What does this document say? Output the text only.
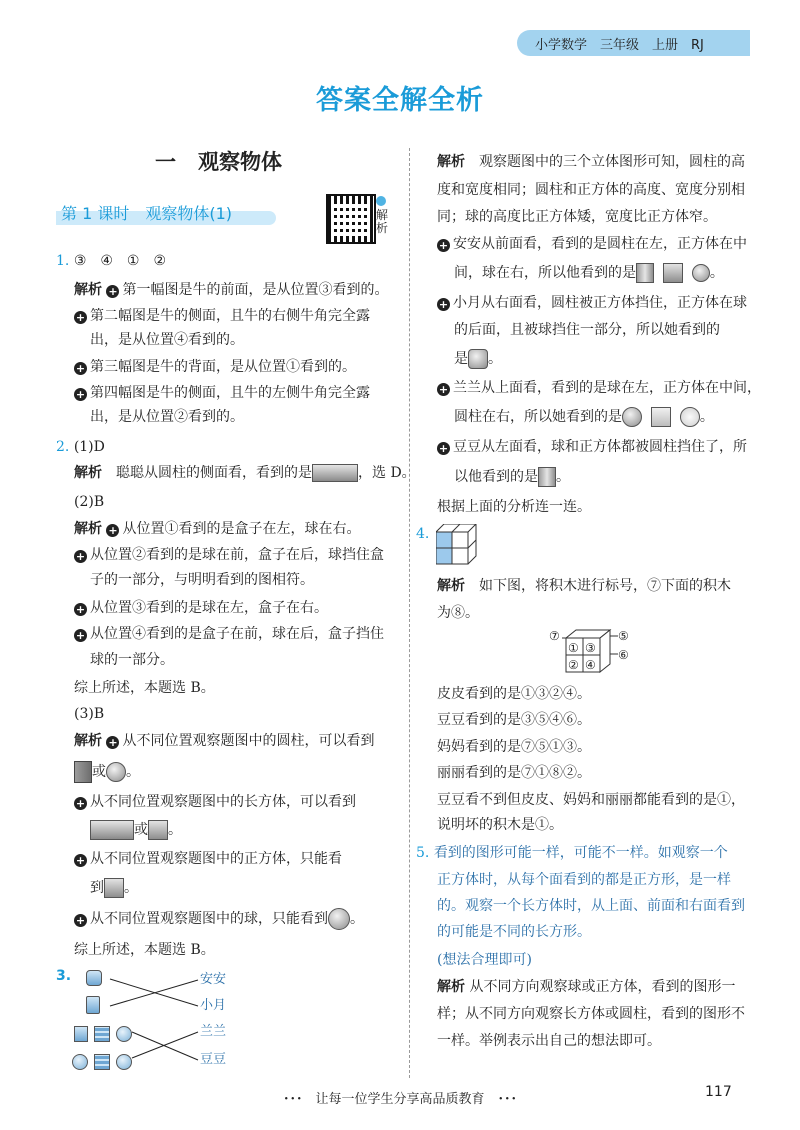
小学数学　三年级　上册　RJ
答案全解全析
一 观察物体
第 1 课时　观察物体(1)	解析
1. ③　④　①　②
解析 + 第一幅图是牛的前面，是从位置③看到的。
+ 第二幅图是牛的侧面，且牛的右侧牛角完全露
出，是从位置④看到的。
+ 第三幅图是牛的背面，是从位置①看到的。
+ 第四幅图是牛的侧面，且牛的左侧牛角完全露
出，是从位置②看到的。
2. (1)D
解析　 聪聪从圆柱的侧面看，看到的是	，选 D。
(2)B
解析 + 从位置①看到的是盒子在左，球在右。
+ 从位置②看到的是球在前，盒子在后，球挡住盒
子的一部分，与明明看到的图相符。
+ 从位置③看到的是球在左，盒子在右。
+ 从位置④看到的是盒子在前，球在后，盒子挡住
球的一部分。
综上所述，本题选 B。
(3)B
解析 + 从不同位置观察题图中的圆柱，可以看到
或 。
+ 从不同位置观察题图中的长方体，可以看到
或 。
+ 从不同位置观察题图中的正方体，只能看
到 。
+ 从不同位置观察题图中的球，只能看到 。
综上所述，本题选 B。
3.	安安
小月
兰兰
豆豆
解析　 观察题图中的三个立体图形可知，圆柱的高
度和宽度相同；圆柱和正方体的高度、宽度分别相
同；球的高度比正方体矮，宽度比正方体窄。
+ 安安从前面看，看到的是圆柱在左，正方体在中
间，球在右，所以他看到的是	。
+ 小月从右面看，圆柱被正方体挡住，正方体在球
的后面，且被球挡住一部分，所以她看到的
是 。
+ 兰兰从上面看，看到的是球在左，正方体在中间，
圆柱在右，所以她看到的是	。
+ 豆豆从左面看，球和正方体都被圆柱挡住了，所
以他看到的是 。
根据上面的分析连一连。
4.
解析　 如下图，将积木进行标号，⑦下面的积木
为⑧。
⑦	⑤
⑥
① ③
② ④
皮皮看到的是①③②④。
豆豆看到的是③⑤④⑥。
妈妈看到的是⑦⑤①③。
丽丽看到的是⑦①⑧②。
豆豆看不到但皮皮、妈妈和丽丽都能看到的是①，
说明坏的积木是①。
5. 看到的图形可能一样，可能不一样。如观察一个
正方体时，从每个面看到的都是正方形，是一样
的。观察一个长方体时，从上面、前面和右面看到
的可能是不同的长方形。
(想法合理即可)
解析 从不同方向观察球或正方体，看到的图形一
样；从不同方向观察长方体或圆柱，看到的图形不
一样。举例表示出自己的想法即可。
･･･　让每一位学生分享高品质教育　･･･	117
